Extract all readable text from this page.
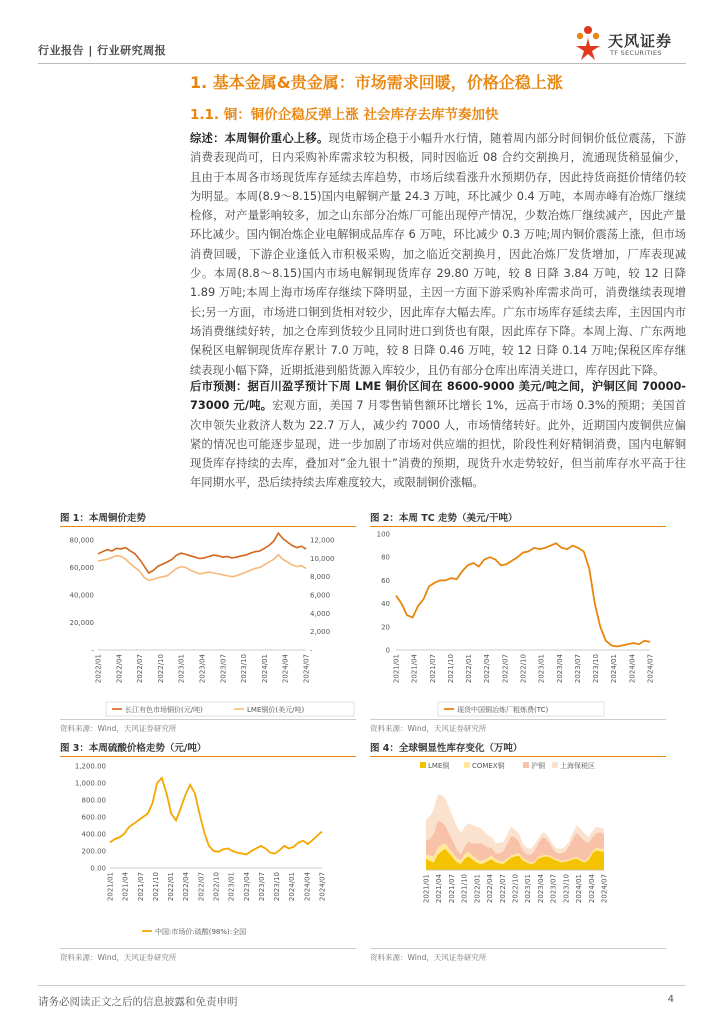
行业报告 | 行业研究周报
天风证券
TF SECURITIES
1. 基本金属&贵金属：市场需求回暖，价格企稳上涨
1.1. 铜：铜价企稳反弹上涨 社会库存去库节奏加快

综述：本周铜价重心上移。现货市场企稳于小幅升水行情，随着周内部分时间铜价低位震荡，下游消费表现尚可，日内采购补库需求较为积极，同时因临近 08 合约交割换月，流通现货稍显偏少，且由于本周各市场现货库存延续去库趋势，市场后续看涨升水预期仍存，因此持货商挺价情绪仍较为明显。本周(8.9～8.15)国内电解铜产量 24.3 万吨，环比减少 0.4 万吨，本周赤峰有冶炼厂继续检修，对产量影响较多，加之山东部分冶炼厂可能出现停产情况，少数冶炼厂继续减产，因此产量环比减少。国内铜冶炼企业电解铜成品库存 6 万吨，环比减少 0.3 万吨;周内铜价震荡上涨，但市场消费回暖，下游企业逢低入市积极采购，加之临近交割换月，因此冶炼厂发货增加，厂库表现减少。本周(8.8～8.15)国内市场电解铜现货库存 29.80 万吨，较 8 日降 3.84 万吨，较 12 日降 1.89 万吨;本周上海市场库存继续下降明显，主因一方面下游采购补库需求尚可，消费继续表现增长;另一方面，市场进口铜到货相对较少，因此库存大幅去库。广东市场库存延续去库，主因国内市场消费继续好转，加之仓库到货较少且同时进口到货也有限，因此库存下降。本周上海、广东两地保税区电解铜现货库存累计 7.0 万吨，较 8 日降 0.46 万吨，较 12 日降 0.14 万吨;保税区库存继续表现小幅下降，近期抵港到船货源入库较少，且仍有部分仓库出库清关进口，库存因此下降。

后市预测：据百川盈孚预计下周 LME 铜价区间在 8600-9000 美元/吨之间，沪铜区间 70000-73000 元/吨。宏观方面，美国 7 月零售销售额环比增长 1%，远高于市场 0.3%的预期；美国首次申领失业救济人数为 22.7 万人，减少约 7000 人，市场情绪转好。此外，近期国内废铜供应偏紧的情况也可能逐步显现，进一步加剧了市场对供应端的担忧，阶段性利好精铜消费，国内电解铜现货库存持续的去库，叠加对”金九银十”消费的预期，现货升水走势较好，但当前库存水平高于往年同期水平，恐后续持续去库难度较大，或限制铜价涨幅。

图 1：本周铜价走势
-
20,000
40,000
60,000
80,000
-
2,000
4,000
6,000
8,000
10,000
12,000
2022/01 2022/04 2022/07 2022/10 2023/01 2023/04 2023/07 2023/10 2024/01 2024/04 2024/07
长江有色市场铜价(元/吨)	LME铜价(美元/吨)
资料来源：Wind，天风证券研究所
图 2：本周 TC 走势（美元/干吨）
0
20
40
60
80
100
2021/01 2021/04 2021/07 2021/10 2022/01 2022/04 2022/07 2022/10 2023/01 2023/04 2023/07 2023/10 2024/01 2024/04 2024/07
现货中国铜冶炼厂粗炼费(TC)
资料来源：Wind，天风证券研究所
图 3：本周硫酸价格走势（元/吨）
0.00
200.00
400.00
600.00
800.00
1,000.00
1,200.00
2021/01 2021/04 2021/07 2021/10 2022/01 2022/04 2022/07 2022/10 2023/01 2023/04 2023/07 2023/10 2024/01 2024/04 2024/07
中国:市场价:硫酸(98%):全国
资料来源：Wind，天风证券研究所
图 4：全球铜显性库存变化（万吨）
2021/01 2021/04 2021/07 2021/10 2022/01 2022/04 2022/07 2022/10 2023/01 2023/04 2023/07 2023/10 2024/01 2024/04 2024/07
LME铜	COMEX铜	沪铜 上海保税区
资料来源：Wind，天风证券研究所
请务必阅读正文之后的信息披露和免责申明	4
